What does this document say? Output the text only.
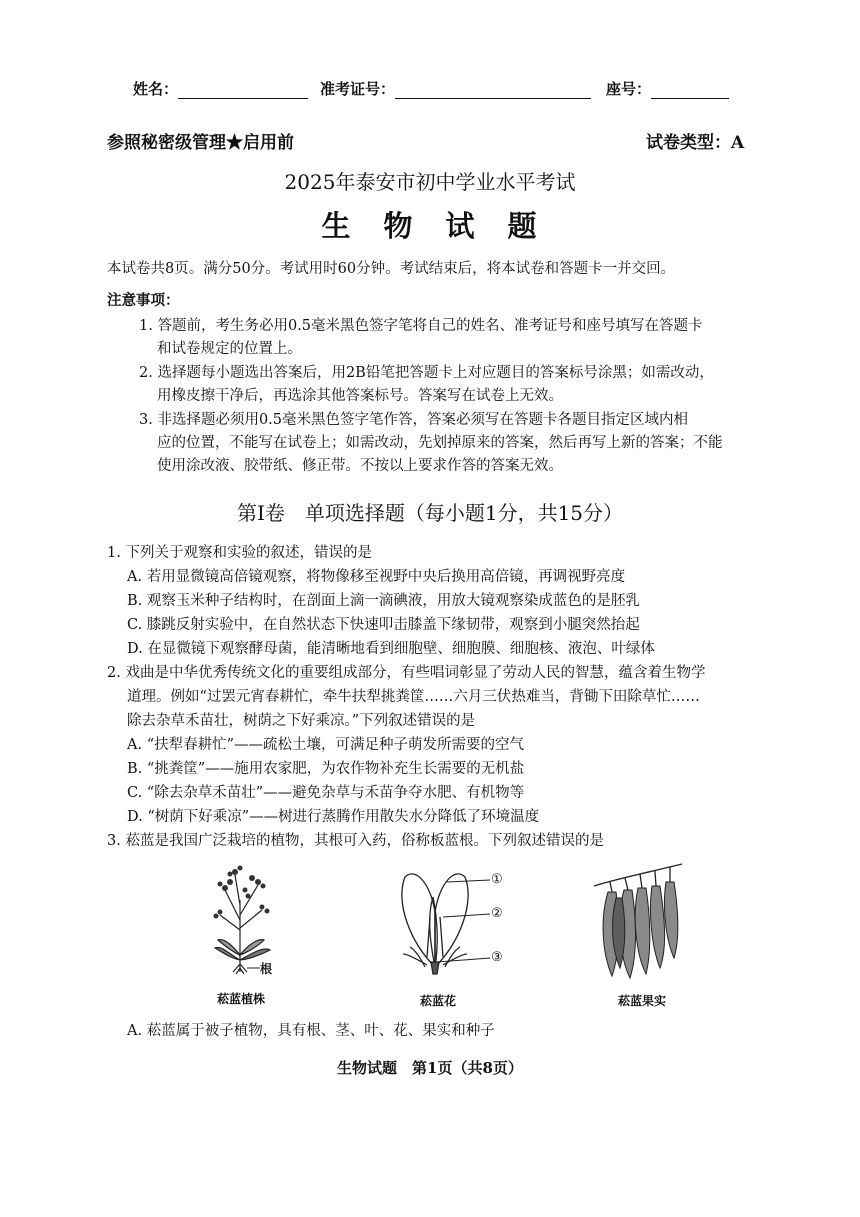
姓名：	准考证号：	座号：
参照秘密级管理★启用前	试卷类型：A
2025年泰安市初中学业水平考试
生　物　试　题
本试卷共8页。满分50分。考试用时60分钟。考试结束后，将本试卷和答题卡一并交回。
注意事项：
1. 答题前，考生务必用0.5毫米黑色签字笔将自己的姓名、准考证号和座号填写在答题卡
和试卷规定的位置上。
2. 选择题每小题选出答案后，用2B铅笔把答题卡上对应题目的答案标号涂黑；如需改动，
用橡皮擦干净后，再选涂其他答案标号。答案写在试卷上无效。
3. 非选择题必须用0.5毫米黑色签字笔作答，答案必须写在答题卡各题目指定区域内相
应的位置，不能写在试卷上；如需改动，先划掉原来的答案，然后再写上新的答案；不能
使用涂改液、胶带纸、修正带。不按以上要求作答的答案无效。
第Ⅰ卷　单项选择题（每小题1分，共15分）
1. 下列关于观察和实验的叙述，错误的是
A. 若用显微镜高倍镜观察，将物像移至视野中央后换用高倍镜，再调视野亮度
B. 观察玉米种子结构时，在剖面上滴一滴碘液，用放大镜观察染成蓝色的是胚乳
C. 膝跳反射实验中，在自然状态下快速叩击膝盖下缘韧带，观察到小腿突然抬起
D. 在显微镜下观察酵母菌，能清晰地看到细胞壁、细胞膜、细胞核、液泡、叶绿体
2. 戏曲是中华优秀传统文化的重要组成部分，有些唱词彰显了劳动人民的智慧，蕴含着生物学
道理。例如“过罢元宵春耕忙，牵牛扶犁挑粪筐……六月三伏热难当，背锄下田除草忙……
除去杂草禾苗壮，树荫之下好乘凉。”下列叙述错误的是
A. “扶犁春耕忙”——疏松土壤，可满足种子萌发所需要的空气
B. “挑粪筐”——施用农家肥，为农作物补充生长需要的无机盐
C. “除去杂草禾苗壮”——避免杂草与禾苗争夺水肥、有机物等
D. “树荫下好乘凉”——树进行蒸腾作用散失水分降低了环境温度
3. 菘蓝是我国广泛栽培的植物，其根可入药，俗称板蓝根。下列叙述错误的是
根
菘蓝植株
①
②
③
菘蓝花	菘蓝果实
A. 菘蓝属于被子植物，具有根、茎、叶、花、果实和种子
生物试题　第1页（共8页）
